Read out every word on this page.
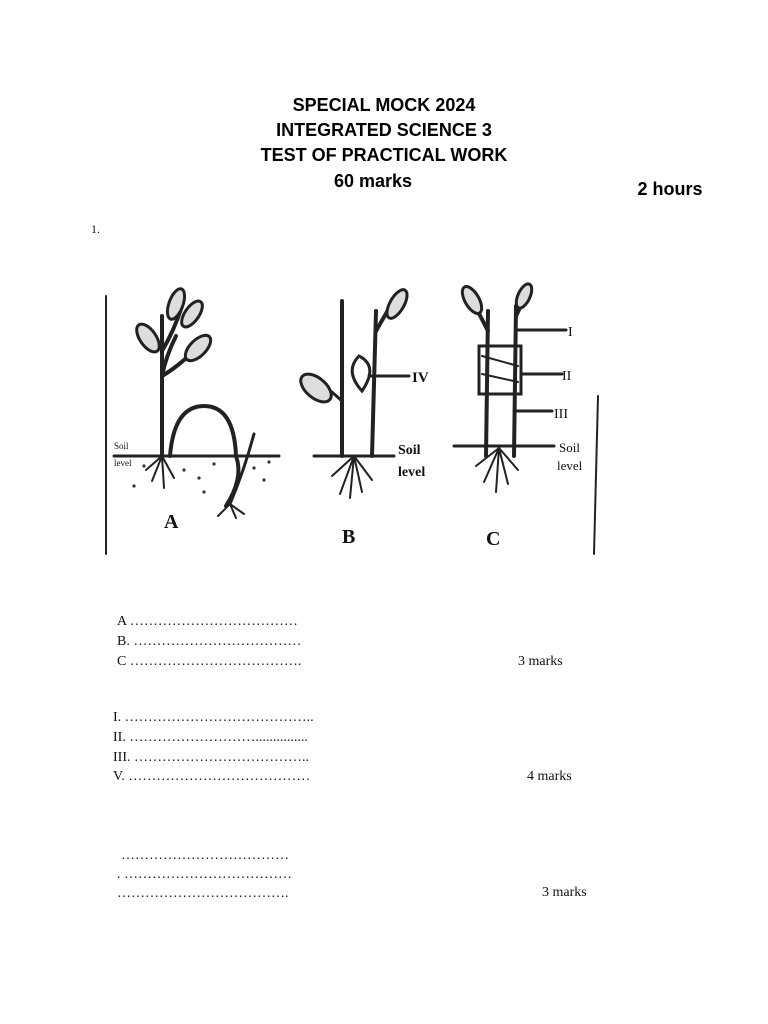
SPECIAL MOCK 2024
INTEGRATED SCIENCE 3
TEST OF PRACTICAL WORK
60 marks	2 hours
1.
Soil
level
A
IV
Soil
level
B
I
II
III
Soil
level
C
A ………………………………
B. ………………………………
C ……………………………….	3 marks
I. …………………………………..
II. ………………………...............
III. ………………………………..
V. …………………………………	4 marks
………………………………
. ………………………………
……………………………….	3 marks
